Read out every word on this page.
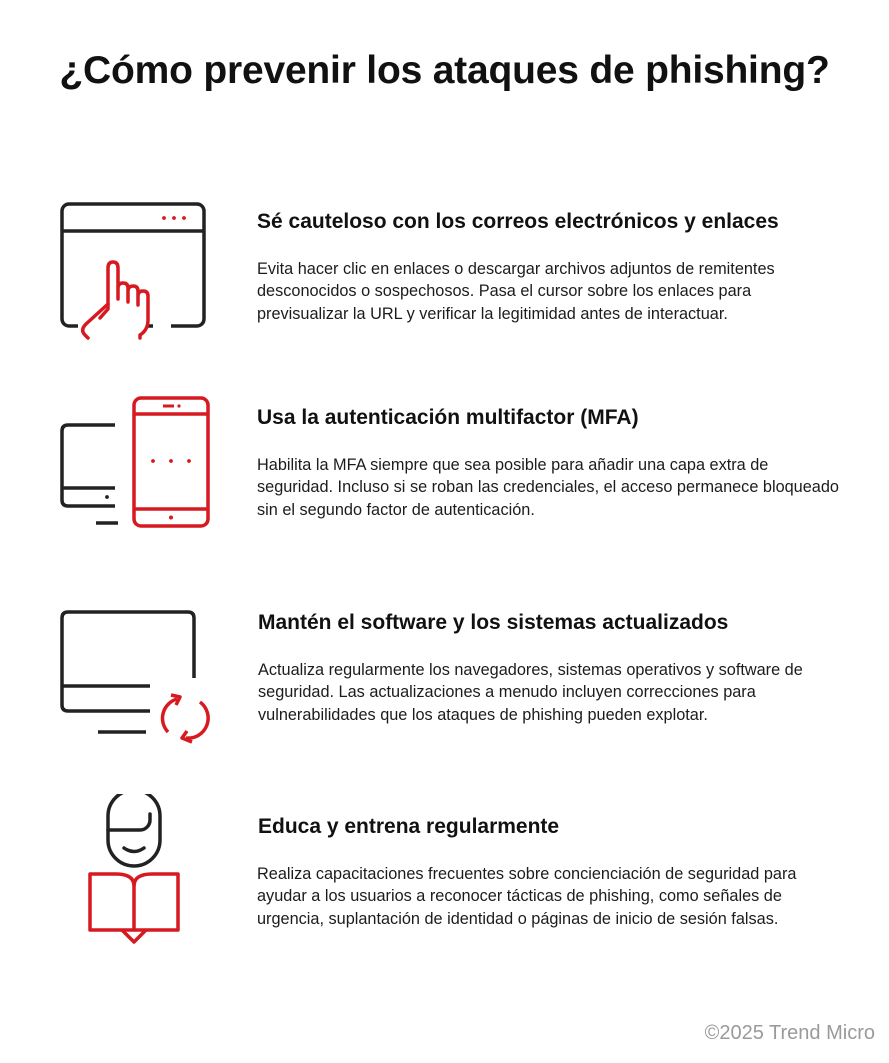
¿Cómo prevenir los ataques de phishing?
Sé cauteloso con los correos electrónicos y enlaces

Evita hacer clic en enlaces o descargar archivos adjuntos de remitentes desconocidos o sospechosos. Pasa el cursor sobre los enlaces para previsualizar la URL y verificar la legitimidad antes de interactuar.

Usa la autenticación multifactor (MFA)

Habilita la MFA siempre que sea posible para añadir una capa extra de seguridad. Incluso si se roban las credenciales, el acceso permanece bloqueado sin el segundo factor de autenticación.

Mantén el software y los sistemas actualizados

Actualiza regularmente los navegadores, sistemas operativos y software de seguridad. Las actualizaciones a menudo incluyen correcciones para vulnerabilidades que los ataques de phishing pueden explotar.

Educa y entrena regularmente

Realiza capacitaciones frecuentes sobre concienciación de seguridad para ayudar a los usuarios a reconocer tácticas de phishing, como señales de urgencia, suplantación de identidad o páginas de inicio de sesión falsas.

©2025 Trend Micro
